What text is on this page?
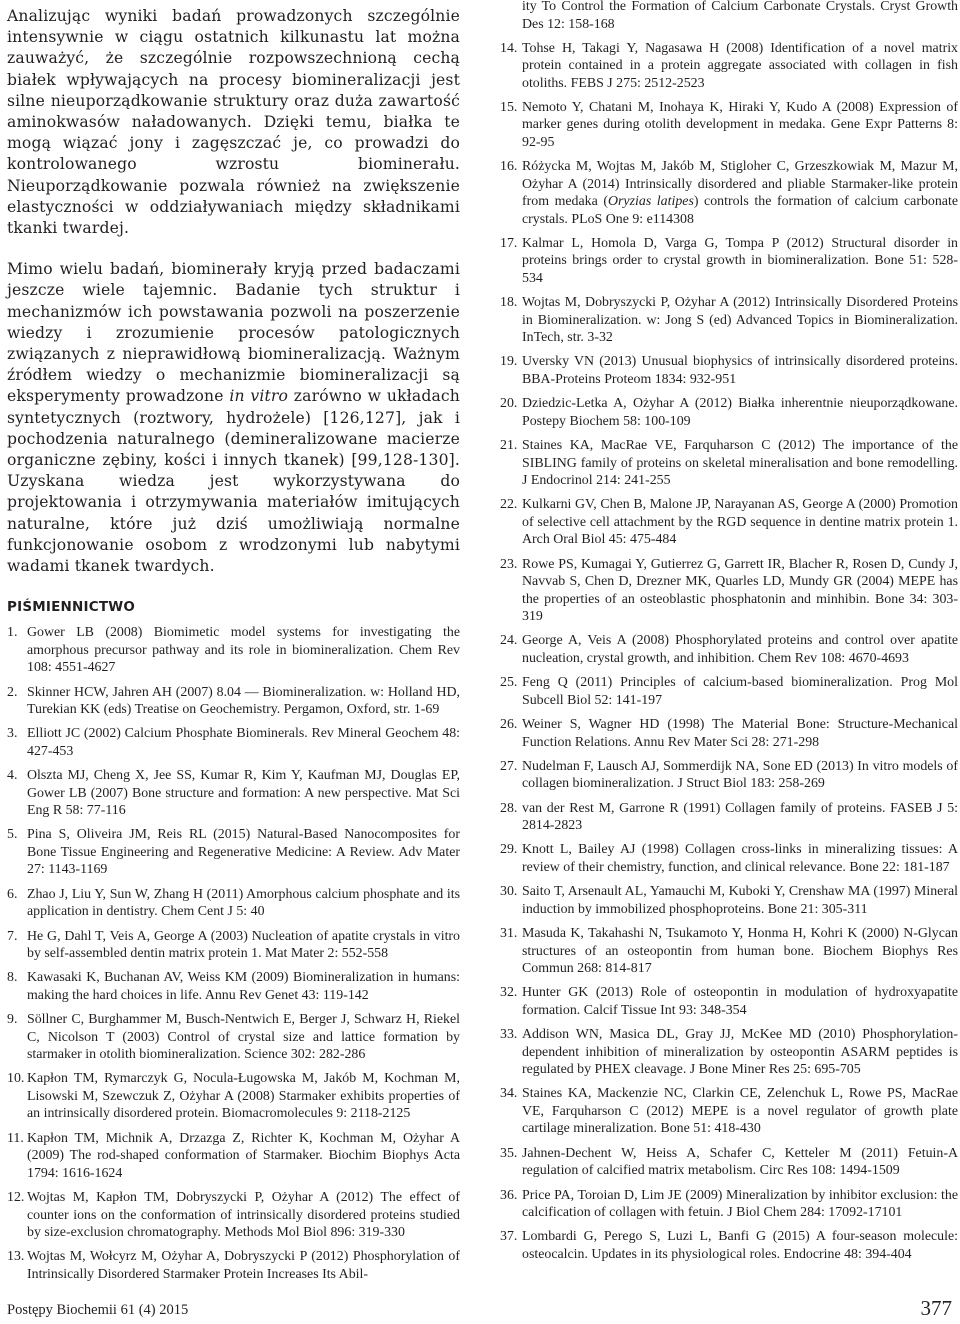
Analizując wyniki badań prowadzonych szczególnie intensywnie w ciągu ostatnich kilkunastu lat można zauważyć, że szczególnie rozpowszechnioną cechą białek wpływających na procesy biomineralizacji jest silne nieuporządkowanie struktury oraz duża zawartość aminokwasów naładowanych. Dzięki temu, białka te mogą wiązać jony i zagęszczać je, co prowadzi do kontrolowanego wzrostu biominerału. Nieuporządkowanie pozwala również na zwiększenie elastyczności w oddziaływaniach między składnikami tkanki twardej.

Mimo wielu badań, biominerały kryją przed badaczami jeszcze wiele tajemnic. Badanie tych struktur i mechanizmów ich powstawania pozwoli na poszerzenie wiedzy i zrozumienie procesów patologicznych związanych z nieprawidłową biomineralizacją. Ważnym źródłem wiedzy o mechanizmie biomineralizacji są eksperymenty prowadzone in vitro zarówno w układach syntetycznych (roztwory, hydrożele) [126,127], jak i pochodzenia naturalnego (demineralizowane macierze organiczne zębiny, kości i innych tkanek) [99,128-130]. Uzyskana wiedza jest wykorzystywana do projektowania i otrzymywania materiałów imitujących naturalne, które już dziś umożliwiają normalne funkcjonowanie osobom z wrodzonymi lub nabytymi wadami tkanek twardych.

PIŚMIENNICTWO
1. Gower LB (2008) Biomimetic model systems for investigating the amorphous precursor pathway and its role in biomineralization. Chem Rev 108: 4551-4627
2. Skinner HCW, Jahren AH (2007) 8.04 — Biomineralization. w: Holland HD, Turekian KK (eds) Treatise on Geochemistry. Pergamon, Oxford, str. 1-69
3. Elliott JC (2002) Calcium Phosphate Biominerals. Rev Mineral Geochem 48: 427-453
4. Olszta MJ, Cheng X, Jee SS, Kumar R, Kim Y, Kaufman MJ, Douglas EP, Gower LB (2007) Bone structure and formation: A new perspective. Mat Sci Eng R 58: 77-116
5. Pina S, Oliveira JM, Reis RL (2015) Natural-Based Nanocomposites for Bone Tissue Engineering and Regenerative Medicine: A Review. Adv Mater 27: 1143-1169
6. Zhao J, Liu Y, Sun W, Zhang H (2011) Amorphous calcium phosphate and its application in dentistry. Chem Cent J 5: 40
7. He G, Dahl T, Veis A, George A (2003) Nucleation of apatite crystals in vitro by self-assembled dentin matrix protein 1. Mat Mater 2: 552-558
8. Kawasaki K, Buchanan AV, Weiss KM (2009) Biomineralization in humans: making the hard choices in life. Annu Rev Genet 43: 119-142
9. Söllner C, Burghammer M, Busch-Nentwich E, Berger J, Schwarz H, Riekel C, Nicolson T (2003) Control of crystal size and lattice formation by starmaker in otolith biomineralization. Science 302: 282-286
10. Kapłon TM, Rymarczyk G, Nocula-Ługowska M, Jakób M, Kochman M, Lisowski M, Szewczuk Z, Ożyhar A (2008) Starmaker exhibits properties of an intrinsically disordered protein. Biomacromolecules 9: 2118-2125
11. Kapłon TM, Michnik A, Drzazga Z, Richter K, Kochman M, Ożyhar A (2009) The rod-shaped conformation of Starmaker. Biochim Biophys Acta 1794: 1616-1624
12. Wojtas M, Kapłon TM, Dobryszycki P, Ożyhar A (2012) The effect of counter ions on the conformation of intrinsically disordered proteins studied by size-exclusion chromatography. Methods Mol Biol 896: 319-330
13. Wojtas M, Wołcyrz M, Ożyhar A, Dobryszycki P (2012) Phosphorylation of Intrinsically Disordered Starmaker Protein Increases Its Abil-
ity To Control the Formation of Calcium Carbonate Crystals. Cryst Growth Des 12: 158-168
14. Tohse H, Takagi Y, Nagasawa H (2008) Identification of a novel matrix protein contained in a protein aggregate associated with collagen in fish otoliths. FEBS J 275: 2512-2523
15. Nemoto Y, Chatani M, Inohaya K, Hiraki Y, Kudo A (2008) Expression of marker genes during otolith development in medaka. Gene Expr Patterns 8: 92-95
16. Różycka M, Wojtas M, Jakób M, Stigloher C, Grzeszkowiak M, Mazur M, Ożyhar A (2014) Intrinsically disordered and pliable Starmaker-like protein from medaka (Oryzias latipes) controls the formation of calcium carbonate crystals. PLoS One 9: e114308
17. Kalmar L, Homola D, Varga G, Tompa P (2012) Structural disorder in proteins brings order to crystal growth in biomineralization. Bone 51: 528-534
18. Wojtas M, Dobryszycki P, Ożyhar A (2012) Intrinsically Disordered Proteins in Biomineralization. w: Jong S (ed) Advanced Topics in Biomineralization. InTech, str. 3-32
19. Uversky VN (2013) Unusual biophysics of intrinsically disordered proteins. BBA-Proteins Proteom 1834: 932-951
20. Dziedzic-Letka A, Ożyhar A (2012) Białka inherentnie nieuporządkowane. Postepy Biochem 58: 100-109
21. Staines KA, MacRae VE, Farquharson C (2012) The importance of the SIBLING family of proteins on skeletal mineralisation and bone remodelling. J Endocrinol 214: 241-255
22. Kulkarni GV, Chen B, Malone JP, Narayanan AS, George A (2000) Promotion of selective cell attachment by the RGD sequence in dentine matrix protein 1. Arch Oral Biol 45: 475-484
23. Rowe PS, Kumagai Y, Gutierrez G, Garrett IR, Blacher R, Rosen D, Cundy J, Navvab S, Chen D, Drezner MK, Quarles LD, Mundy GR (2004) MEPE has the properties of an osteoblastic phosphatonin and minhibin. Bone 34: 303-319
24. George A, Veis A (2008) Phosphorylated proteins and control over apatite nucleation, crystal growth, and inhibition. Chem Rev 108: 4670-4693
25. Feng Q (2011) Principles of calcium-based biomineralization. Prog Mol Subcell Biol 52: 141-197
26. Weiner S, Wagner HD (1998) The Material Bone: Structure-Mechanical Function Relations. Annu Rev Mater Sci 28: 271-298
27. Nudelman F, Lausch AJ, Sommerdijk NA, Sone ED (2013) In vitro models of collagen biomineralization. J Struct Biol 183: 258-269
28. van der Rest M, Garrone R (1991) Collagen family of proteins. FASEB J 5: 2814-2823
29. Knott L, Bailey AJ (1998) Collagen cross-links in mineralizing tissues: A review of their chemistry, function, and clinical relevance. Bone 22: 181-187
30. Saito T, Arsenault AL, Yamauchi M, Kuboki Y, Crenshaw MA (1997) Mineral induction by immobilized phosphoproteins. Bone 21: 305-311
31. Masuda K, Takahashi N, Tsukamoto Y, Honma H, Kohri K (2000) N-Glycan structures of an osteopontin from human bone. Biochem Biophys Res Commun 268: 814-817
32. Hunter GK (2013) Role of osteopontin in modulation of hydroxyapatite formation. Calcif Tissue Int 93: 348-354
33. Addison WN, Masica DL, Gray JJ, McKee MD (2010) Phosphorylation-dependent inhibition of mineralization by osteopontin ASARM peptides is regulated by PHEX cleavage. J Bone Miner Res 25: 695-705
34. Staines KA, Mackenzie NC, Clarkin CE, Zelenchuk L, Rowe PS, MacRae VE, Farquharson C (2012) MEPE is a novel regulator of growth plate cartilage mineralization. Bone 51: 418-430
35. Jahnen-Dechent W, Heiss A, Schafer C, Ketteler M (2011) Fetuin-A regulation of calcified matrix metabolism. Circ Res 108: 1494-1509
36. Price PA, Toroian D, Lim JE (2009) Mineralization by inhibitor exclusion: the calcification of collagen with fetuin. J Biol Chem 284: 17092-17101
37. Lombardi G, Perego S, Luzi L, Banfi G (2015) A four-season molecule: osteocalcin. Updates in its physiological roles. Endocrine 48: 394-404
Postępy Biochemii 61 (4) 2015	377
